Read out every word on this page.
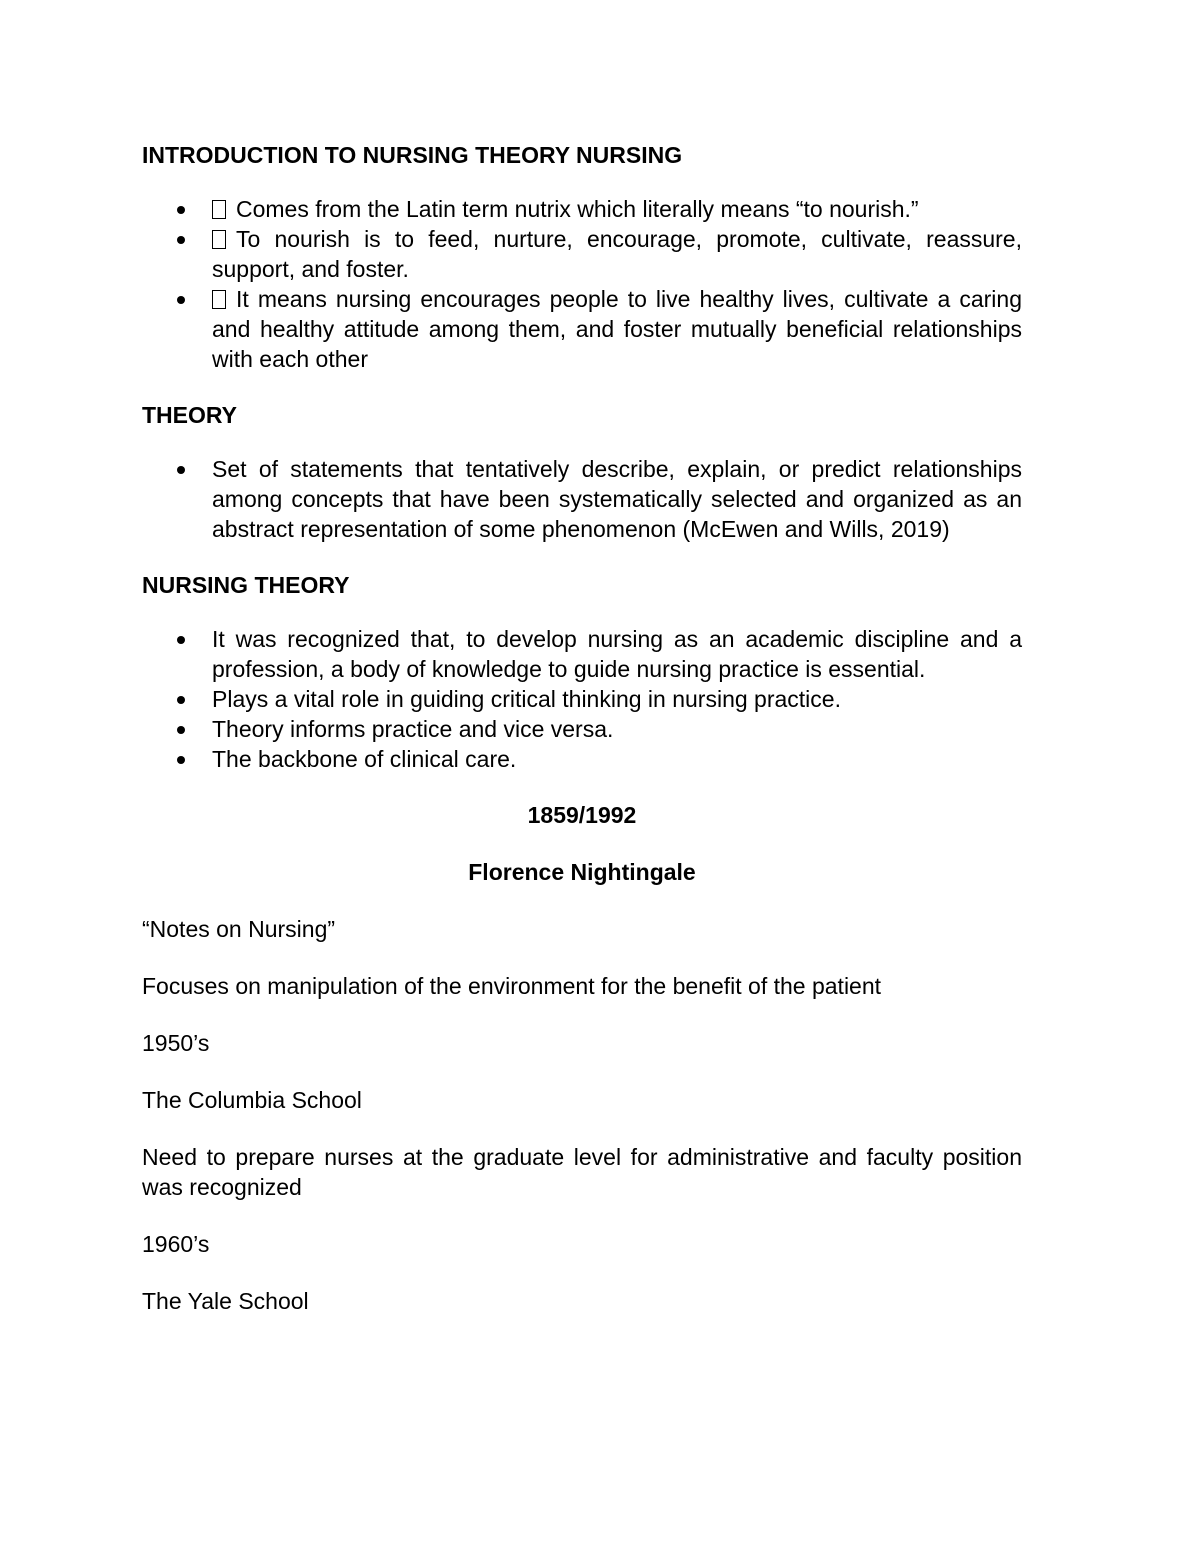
INTRODUCTION TO NURSING THEORY NURSING

Comes from the Latin term nutrix which literally means “to nourish.”
To nourish is to feed, nurture, encourage, promote, cultivate, reassure, support, and foster.
It means nursing encourages people to live healthy lives, cultivate a caring and healthy attitude among them, and foster mutually beneficial relationships with each other

THEORY

Set of statements that tentatively describe, explain, or predict relationships among concepts that have been systematically selected and organized as an abstract representation of some phenomenon (McEwen and Wills, 2019)

NURSING THEORY

It was recognized that, to develop nursing as an academic discipline and a profession, a body of knowledge to guide nursing practice is essential.
Plays a vital role in guiding critical thinking in nursing practice.
Theory informs practice and vice versa.
The backbone of clinical care.

1859/1992

Florence Nightingale

“Notes on Nursing”

Focuses on manipulation of the environment for the benefit of the patient

1950’s

The Columbia School

Need to prepare nurses at the graduate level for administrative and faculty position was recognized

1960’s

The Yale School
